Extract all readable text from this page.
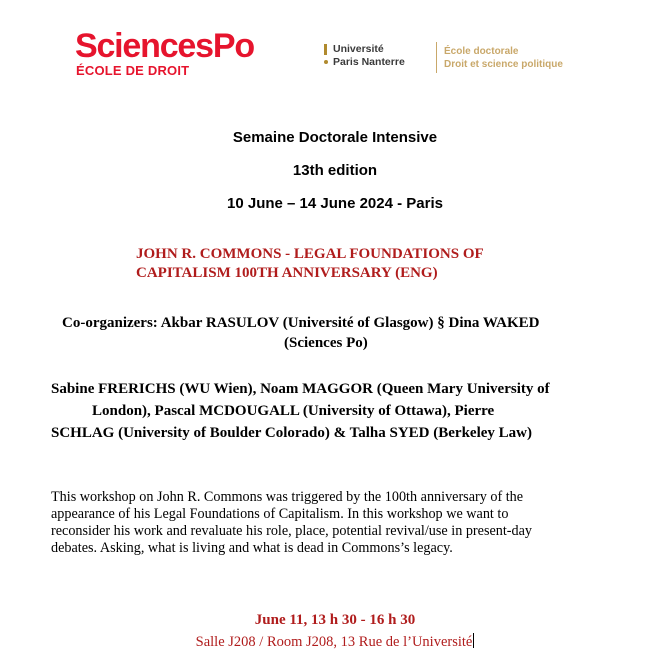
SciencesPo
ÉCOLE DE DROIT
Université
Paris Nanterre
École doctorale
Droit et science politique
Semaine Doctorale Intensive
13th edition
10 June – 14 June 2024 - Paris
JOHN R. COMMONS - LEGAL FOUNDATIONS OF
CAPITALISM 100TH ANNIVERSARY (ENG)
Co-organizers: Akbar RASULOV (Université of Glasgow) § Dina WAKED
(Sciences Po)
Sabine FRERICHS (WU Wien), Noam MAGGOR (Queen Mary University of
London), Pascal MCDOUGALL (University of Ottawa), Pierre
SCHLAG (University of Boulder Colorado) & Talha SYED (Berkeley Law)
This workshop on John R. Commons was triggered by the 100th anniversary of the
appearance of his Legal Foundations of Capitalism. In this workshop we want to
reconsider his work and revaluate his role, place, potential revival/use in present-day
debates. Asking, what is living and what is dead in Commons’s legacy.
June 11, 13 h 30 - 16 h 30
Salle J208 / Room J208, 13 Rue de l’Université
